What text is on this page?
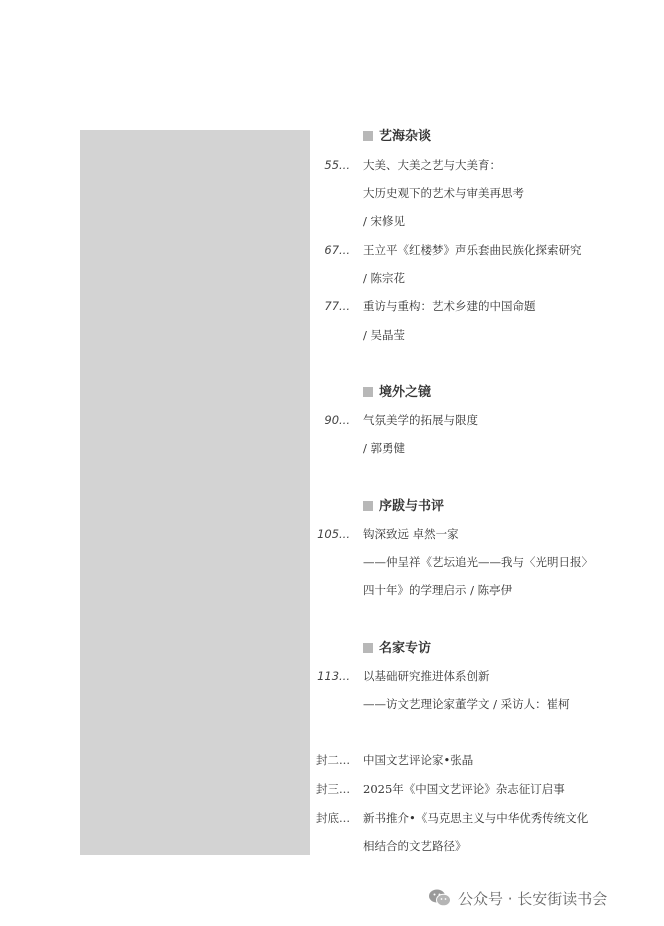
艺海杂谈
55... 大美、大美之艺与大美育：
大历史观下的艺术与审美再思考
/ 宋修见
67... 王立平《红楼梦》声乐套曲民族化探索研究
/ 陈宗花
77... 重访与重构：艺术乡建的中国命题
/ 吴晶莹
境外之镜
90... 气氛美学的拓展与限度
/ 郭勇健
序跋与书评
105... 钩深致远 卓然一家
——仲呈祥《艺坛追光——我与〈光明日报〉
四十年》的学理启示 / 陈亭伊
名家专访
113... 以基础研究推进体系创新
——访文艺理论家董学文 / 采访人：崔柯
封二... 中国文艺评论家•张晶
封三... 2025年《中国文艺评论》杂志征订启事
封底... 新书推介•《马克思主义与中华优秀传统文化
相结合的文艺路径》
公众号 · 长安街读书会
